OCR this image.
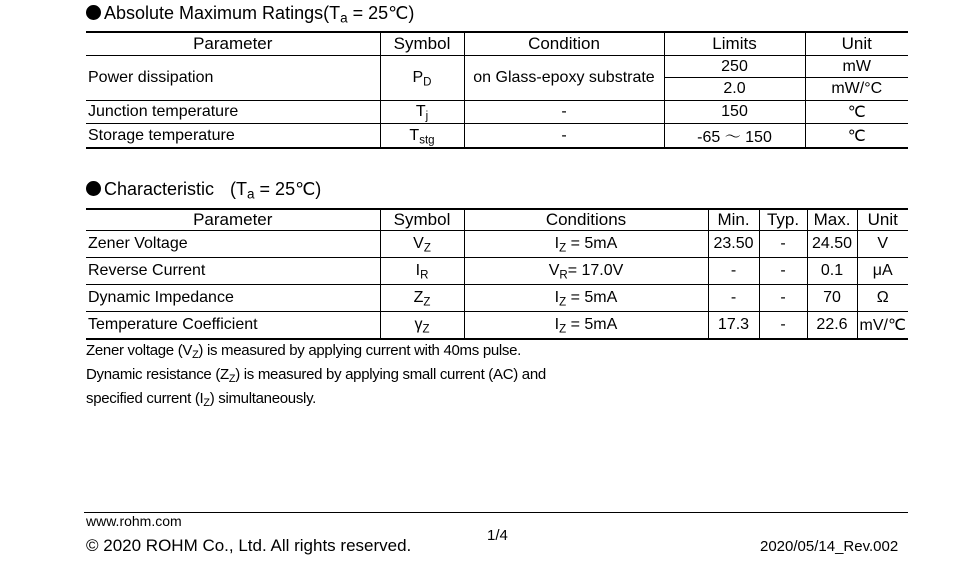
Absolute Maximum $Ratings(T_a$ = 25℃)
Parameter	Symbol	Condition	Limits	Unit
Power dissipation	$P_D$	on Glass-epoxy substrate	250	mW
			2.0	mW/°C
Junction temperature	$T_j$	-	150	℃
Storage temperature	$T_{stg}$	-	-65 ～ 150	℃
Characteristic ($T_a$ = 25℃)
Parameter	Symbol	Conditions	Min.	Typ.	Max.	Unit
Zener Voltage	$V_Z$	$I_Z = 5mA$	23.50	-	24.50	V
Reverse Current	$I_R$	$V_R= 17.0V$	-	-	0.1	μA
Dynamic Impedance	$Z_Z$	$I_Z = 5mA$	-	-	70	Ω
Temperature Coefficient	$\gamma_Z$	$I_Z = 5mA$	17.3	-	22.6	mV/℃
Zener voltage $(V_Z)$ is measured by applying current with 40ms pulse.
Dynamic resistance $(Z_Z)$ is measured by applying small current (AC) and
specified current $(I_Z)$ simultaneously.
www.rohm.com
© 2020 ROHM Co., Ltd. All rights reserved.
1/4
2020/05/14_Rev.002
